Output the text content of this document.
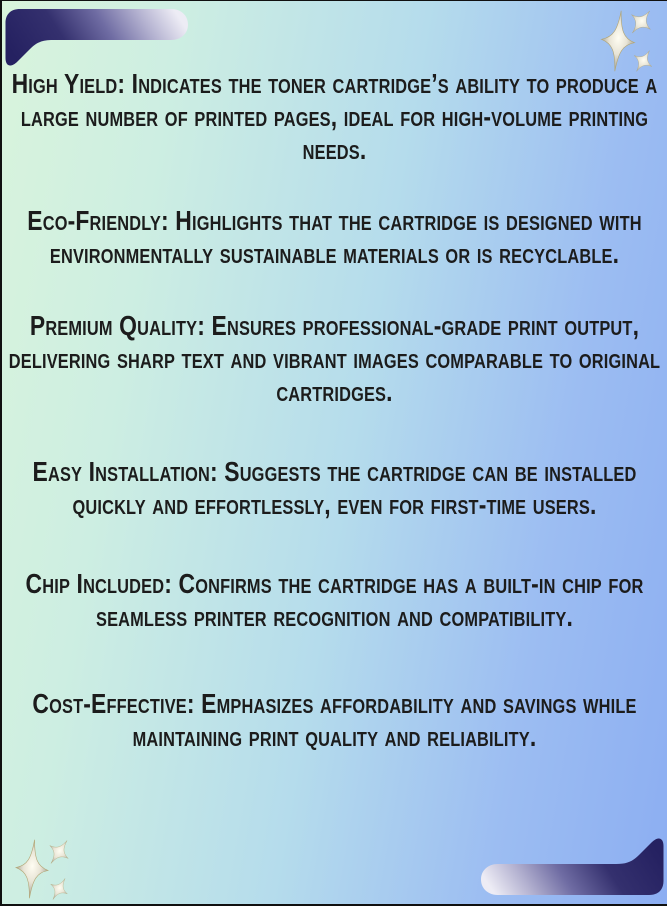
High Yield: Indicates the toner cartridge’s ability to produce a large number of printed pages, ideal for high-volume printing needs.

Eco-Friendly: Highlights that the cartridge is designed with environmentally sustainable materials or is recyclable.

Premium Quality: Ensures professional-grade print output, delivering sharp text and vibrant images comparable to original cartridges.

Easy Installation: Suggests the cartridge can be installed quickly and effortlessly, even for first-time users.

Chip Included: Confirms the cartridge has a built-in chip for seamless printer recognition and compatibility.

Cost-Effective: Emphasizes affordability and savings while maintaining print quality and reliability.
